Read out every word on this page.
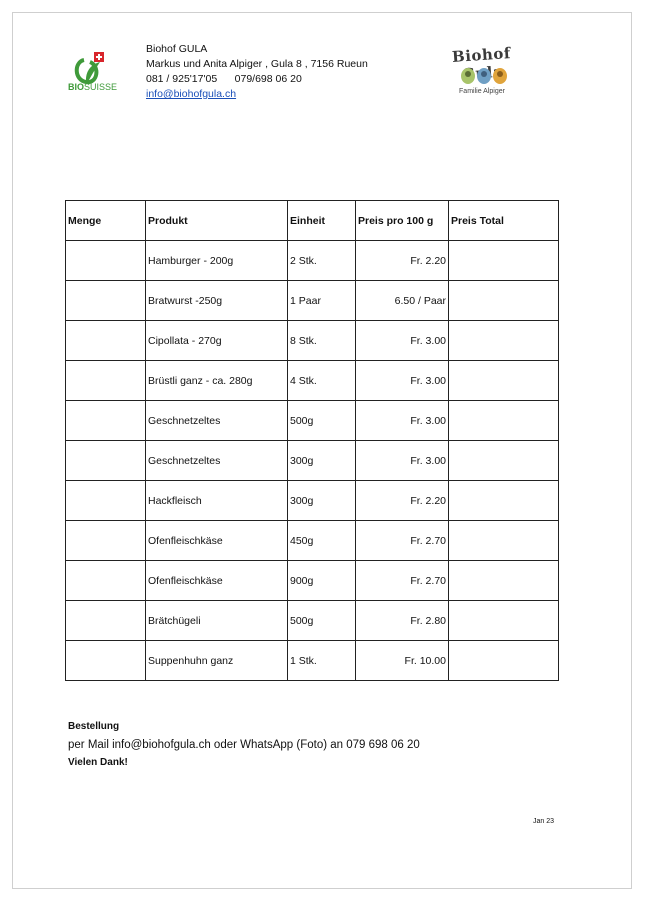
BIOSUISSE
Biohof GULA
Markus und Anita Alpiger , Gula 8 , 7156 Rueun
081 / 925'17'05      079/698 06 20
info@biohofgula.ch
Biohof
Familie Alpiger
Menge	Produkt	Einheit	Preis pro 100 g	Preis Total
	Hamburger - 200g	2 Stk.	Fr. 2.20	
	Bratwurst -250g	1 Paar	6.50 / Paar	
	Cipollata - 270g	8 Stk.	Fr. 3.00	
	Brüstli ganz - ca. 280g	4 Stk.	Fr. 3.00	
	Geschnetzeltes	500g	Fr. 3.00	
	Geschnetzeltes	300g	Fr. 3.00	
	Hackfleisch	300g	Fr. 2.20	
	Ofenfleischkäse	450g	Fr. 2.70	
	Ofenfleischkäse	900g	Fr. 2.70	
	Brätchügeli	500g	Fr. 2.80	
	Suppenhuhn ganz	1 Stk.	Fr. 10.00	
Bestellung
per Mail info@biohofgula.ch oder WhatsApp (Foto) an 079 698 06 20
Vielen Dank!
Jan 23
